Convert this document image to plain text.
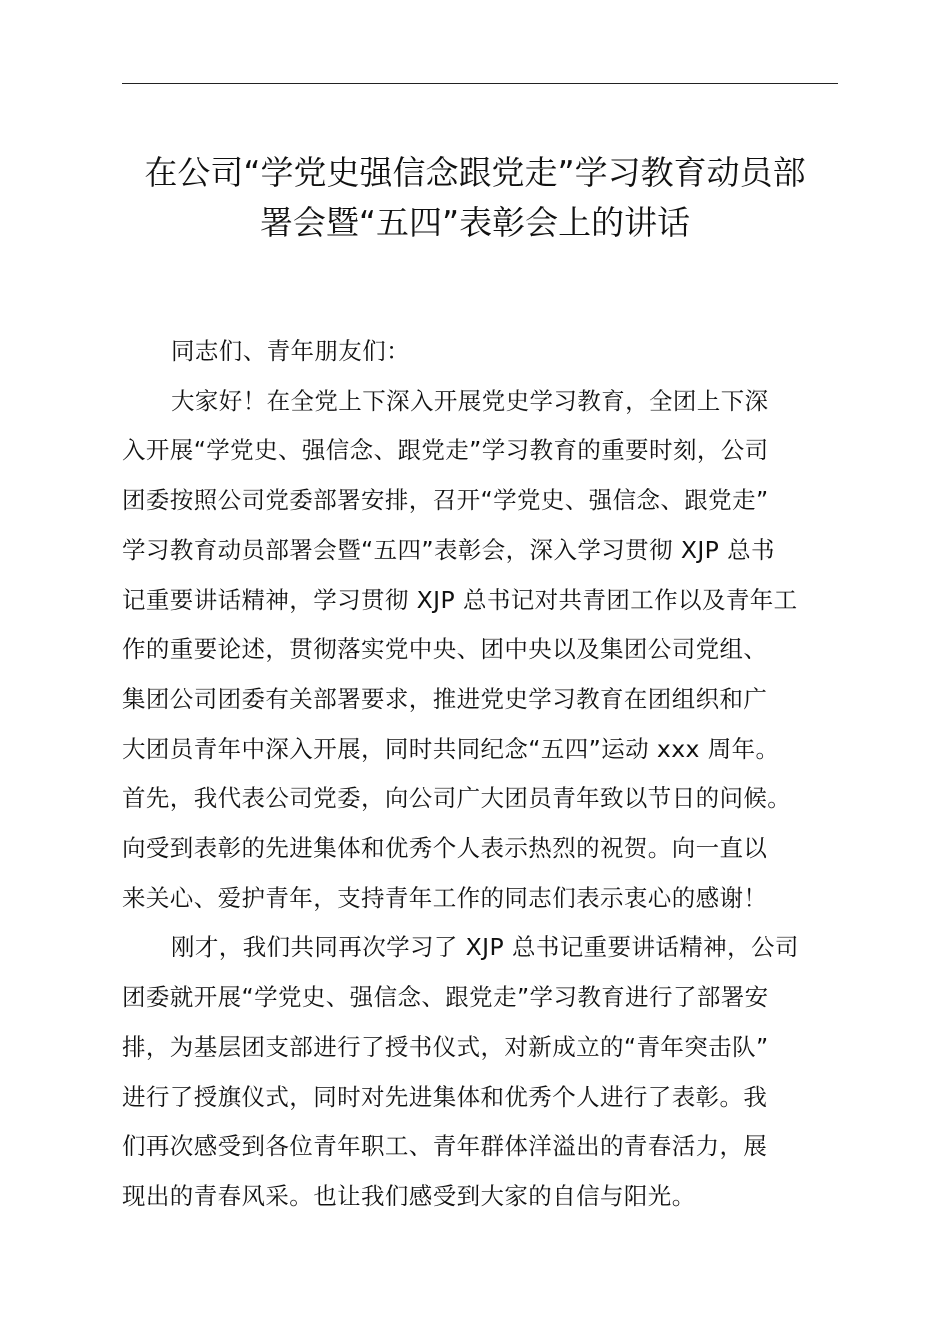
在公司“学党史强信念跟党走”学习教育动员部
署会暨“五四”表彰会上的讲话

同志们、青年朋友们：

大家好！在全党上下深入开展党史学习教育，全团上下深
入开展“学党史、强信念、跟党走”学习教育的重要时刻，公司
团委按照公司党委部署安排，召开“学党史、强信念、跟党走”
学习教育动员部署会暨“五四”表彰会，深入学习贯彻 XJP 总书
记重要讲话精神，学习贯彻 XJP 总书记对共青团工作以及青年工
作的重要论述，贯彻落实党中央、团中央以及集团公司党组、
集团公司团委有关部署要求，推进党史学习教育在团组织和广
大团员青年中深入开展，同时共同纪念“五四”运动 xxx 周年。
首先，我代表公司党委，向公司广大团员青年致以节日的问候。
向受到表彰的先进集体和优秀个人表示热烈的祝贺。向一直以
来关心、爱护青年，支持青年工作的同志们表示衷心的感谢！

刚才，我们共同再次学习了 XJP 总书记重要讲话精神，公司
团委就开展“学党史、强信念、跟党走”学习教育进行了部署安
排，为基层团支部进行了授书仪式，对新成立的“青年突击队”
进行了授旗仪式，同时对先进集体和优秀个人进行了表彰。我
们再次感受到各位青年职工、青年群体洋溢出的青春活力，展
现出的青春风采。也让我们感受到大家的自信与阳光。
